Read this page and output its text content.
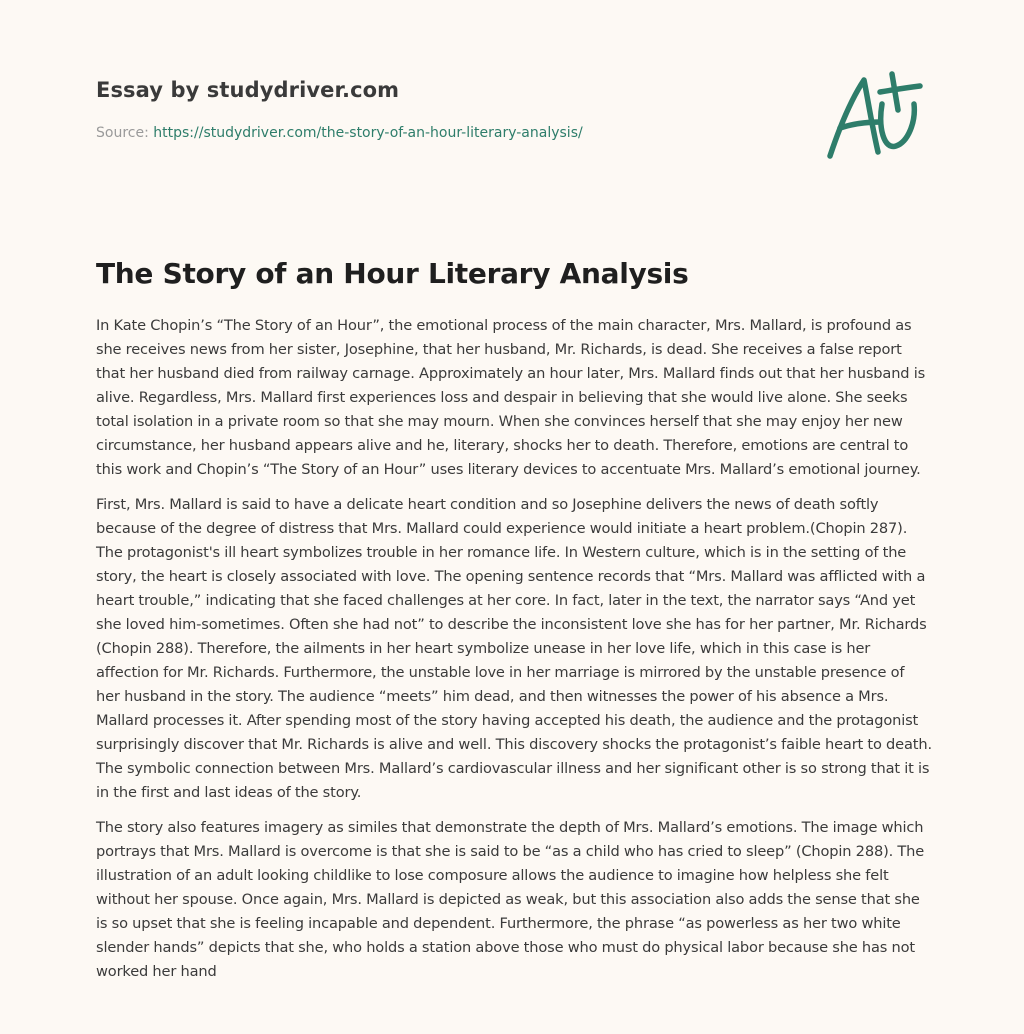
Essay by studydriver.com
Source: https://studydriver.com/the-story-of-an-hour-literary-analysis/
The Story of an Hour Literary Analysis

In Kate Chopin’s “The Story of an Hour”, the emotional process of the main character, Mrs. Mallard, is profound as she receives news from her sister, Josephine, that her husband, Mr. Richards, is dead. She receives a false report that her husband died from railway carnage. Approximately an hour later, Mrs. Mallard finds out that her husband is alive. Regardless, Mrs. Mallard first experiences loss and despair in believing that she would live alone. She seeks total isolation in a private room so that she may mourn. When she convinces herself that she may enjoy her new circumstance, her husband appears alive and he, literary, shocks her to death. Therefore, emotions are central to this work and Chopin’s “The Story of an Hour” uses literary devices to accentuate Mrs. Mallard’s emotional journey.

First, Mrs. Mallard is said to have a delicate heart condition and so Josephine delivers the news of death softly because of the degree of distress that Mrs. Mallard could experience would initiate a heart problem.(Chopin 287). The protagonist's ill heart symbolizes trouble in her romance life. In Western culture, which is in the setting of the story, the heart is closely associated with love. The opening sentence records that “Mrs. Mallard was afflicted with a heart trouble,” indicating that she faced challenges at her core. In fact, later in the text, the narrator says “And yet she loved him-sometimes. Often she had not” to describe the inconsistent love she has for her partner, Mr. Richards (Chopin 288). Therefore, the ailments in her heart symbolize unease in her love life, which in this case is her affection for Mr. Richards. Furthermore, the unstable love in her marriage is mirrored by the unstable presence of her husband in the story. The audience “meets” him dead, and then witnesses the power of his absence a Mrs. Mallard processes it. After spending most of the story having accepted his death, the audience and the protagonist surprisingly discover that Mr. Richards is alive and well. This discovery shocks the protagonist’s faible heart to death. The symbolic connection between Mrs. Mallard’s cardiovascular illness and her significant other is so strong that it is in the first and last ideas of the story.

The story also features imagery as similes that demonstrate the depth of Mrs. Mallard’s emotions. The image which portrays that Mrs. Mallard is overcome is that she is said to be “as a child who has cried to sleep” (Chopin 288). The illustration of an adult looking childlike to lose composure allows the audience to imagine how helpless she felt without her spouse. Once again, Mrs. Mallard is depicted as weak, but this association also adds the sense that she is so upset that she is feeling incapable and dependent. Furthermore, the phrase “as powerless as her two white slender hands” depicts that she, who holds a station above those who must do physical labor because she has not worked her hand
